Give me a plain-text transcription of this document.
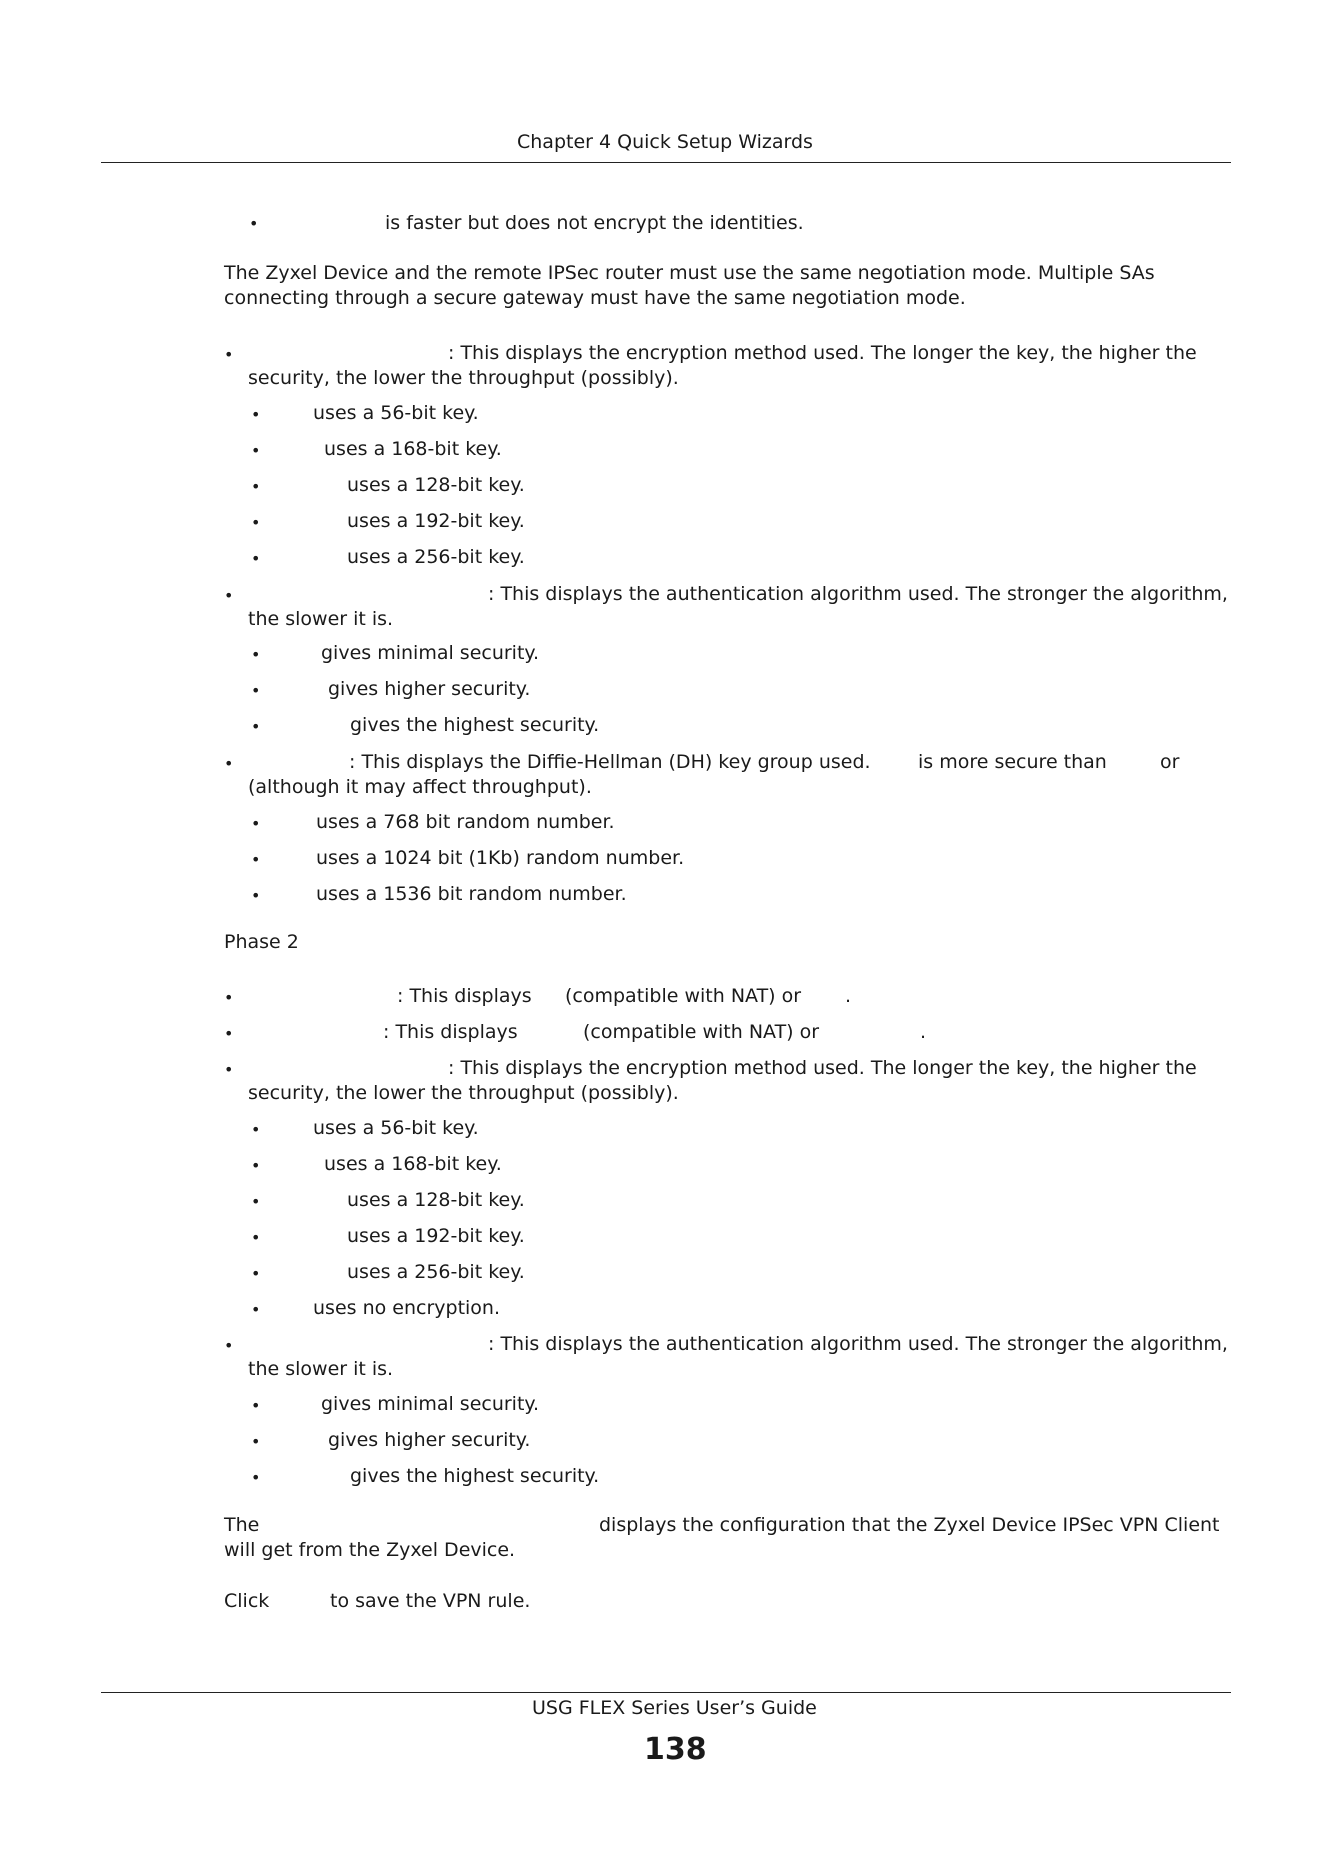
Chapter 4 Quick Setup Wizards
•
is faster but does not encrypt the identities.
The Zyxel Device and the remote IPSec router must use the same negotiation mode. Multiple SAs
connecting through a secure gateway must have the same negotiation mode.
•
: This displays the encryption method used. The longer the key, the higher the
security, the lower the throughput (possibly).
•
uses a 56-bit key.
•
uses a 168-bit key.
•
uses a 128-bit key.
•
uses a 192-bit key.
•
uses a 256-bit key.
•
: This displays the authentication algorithm used. The stronger the algorithm,
the slower it is.
•
gives minimal security.
•
gives higher security.
•
gives the highest security.
•
: This displays the Diffie-Hellman (DH) key group used. is more secure than	or
(although it may affect throughput).
•
uses a 768 bit random number.
•
uses a 1024 bit (1Kb) random number.
•
uses a 1536 bit random number.
Phase 2
•
: This displays (compatible with NAT) or .
•
: This displays	(compatible with NAT) or	.
•
: This displays the encryption method used. The longer the key, the higher the
security, the lower the throughput (possibly).
•
uses a 56-bit key.
•
uses a 168-bit key.
•
uses a 128-bit key.
•
uses a 192-bit key.
•
uses a 256-bit key.
•
uses no encryption.
•
: This displays the authentication algorithm used. The stronger the algorithm,
the slower it is.
•
gives minimal security.
•
gives higher security.
•
gives the highest security.
The	displays the configuration that the Zyxel Device IPSec VPN Client
will get from the Zyxel Device.
Click	to save the VPN rule.
USG FLEX Series User’s Guide
138
